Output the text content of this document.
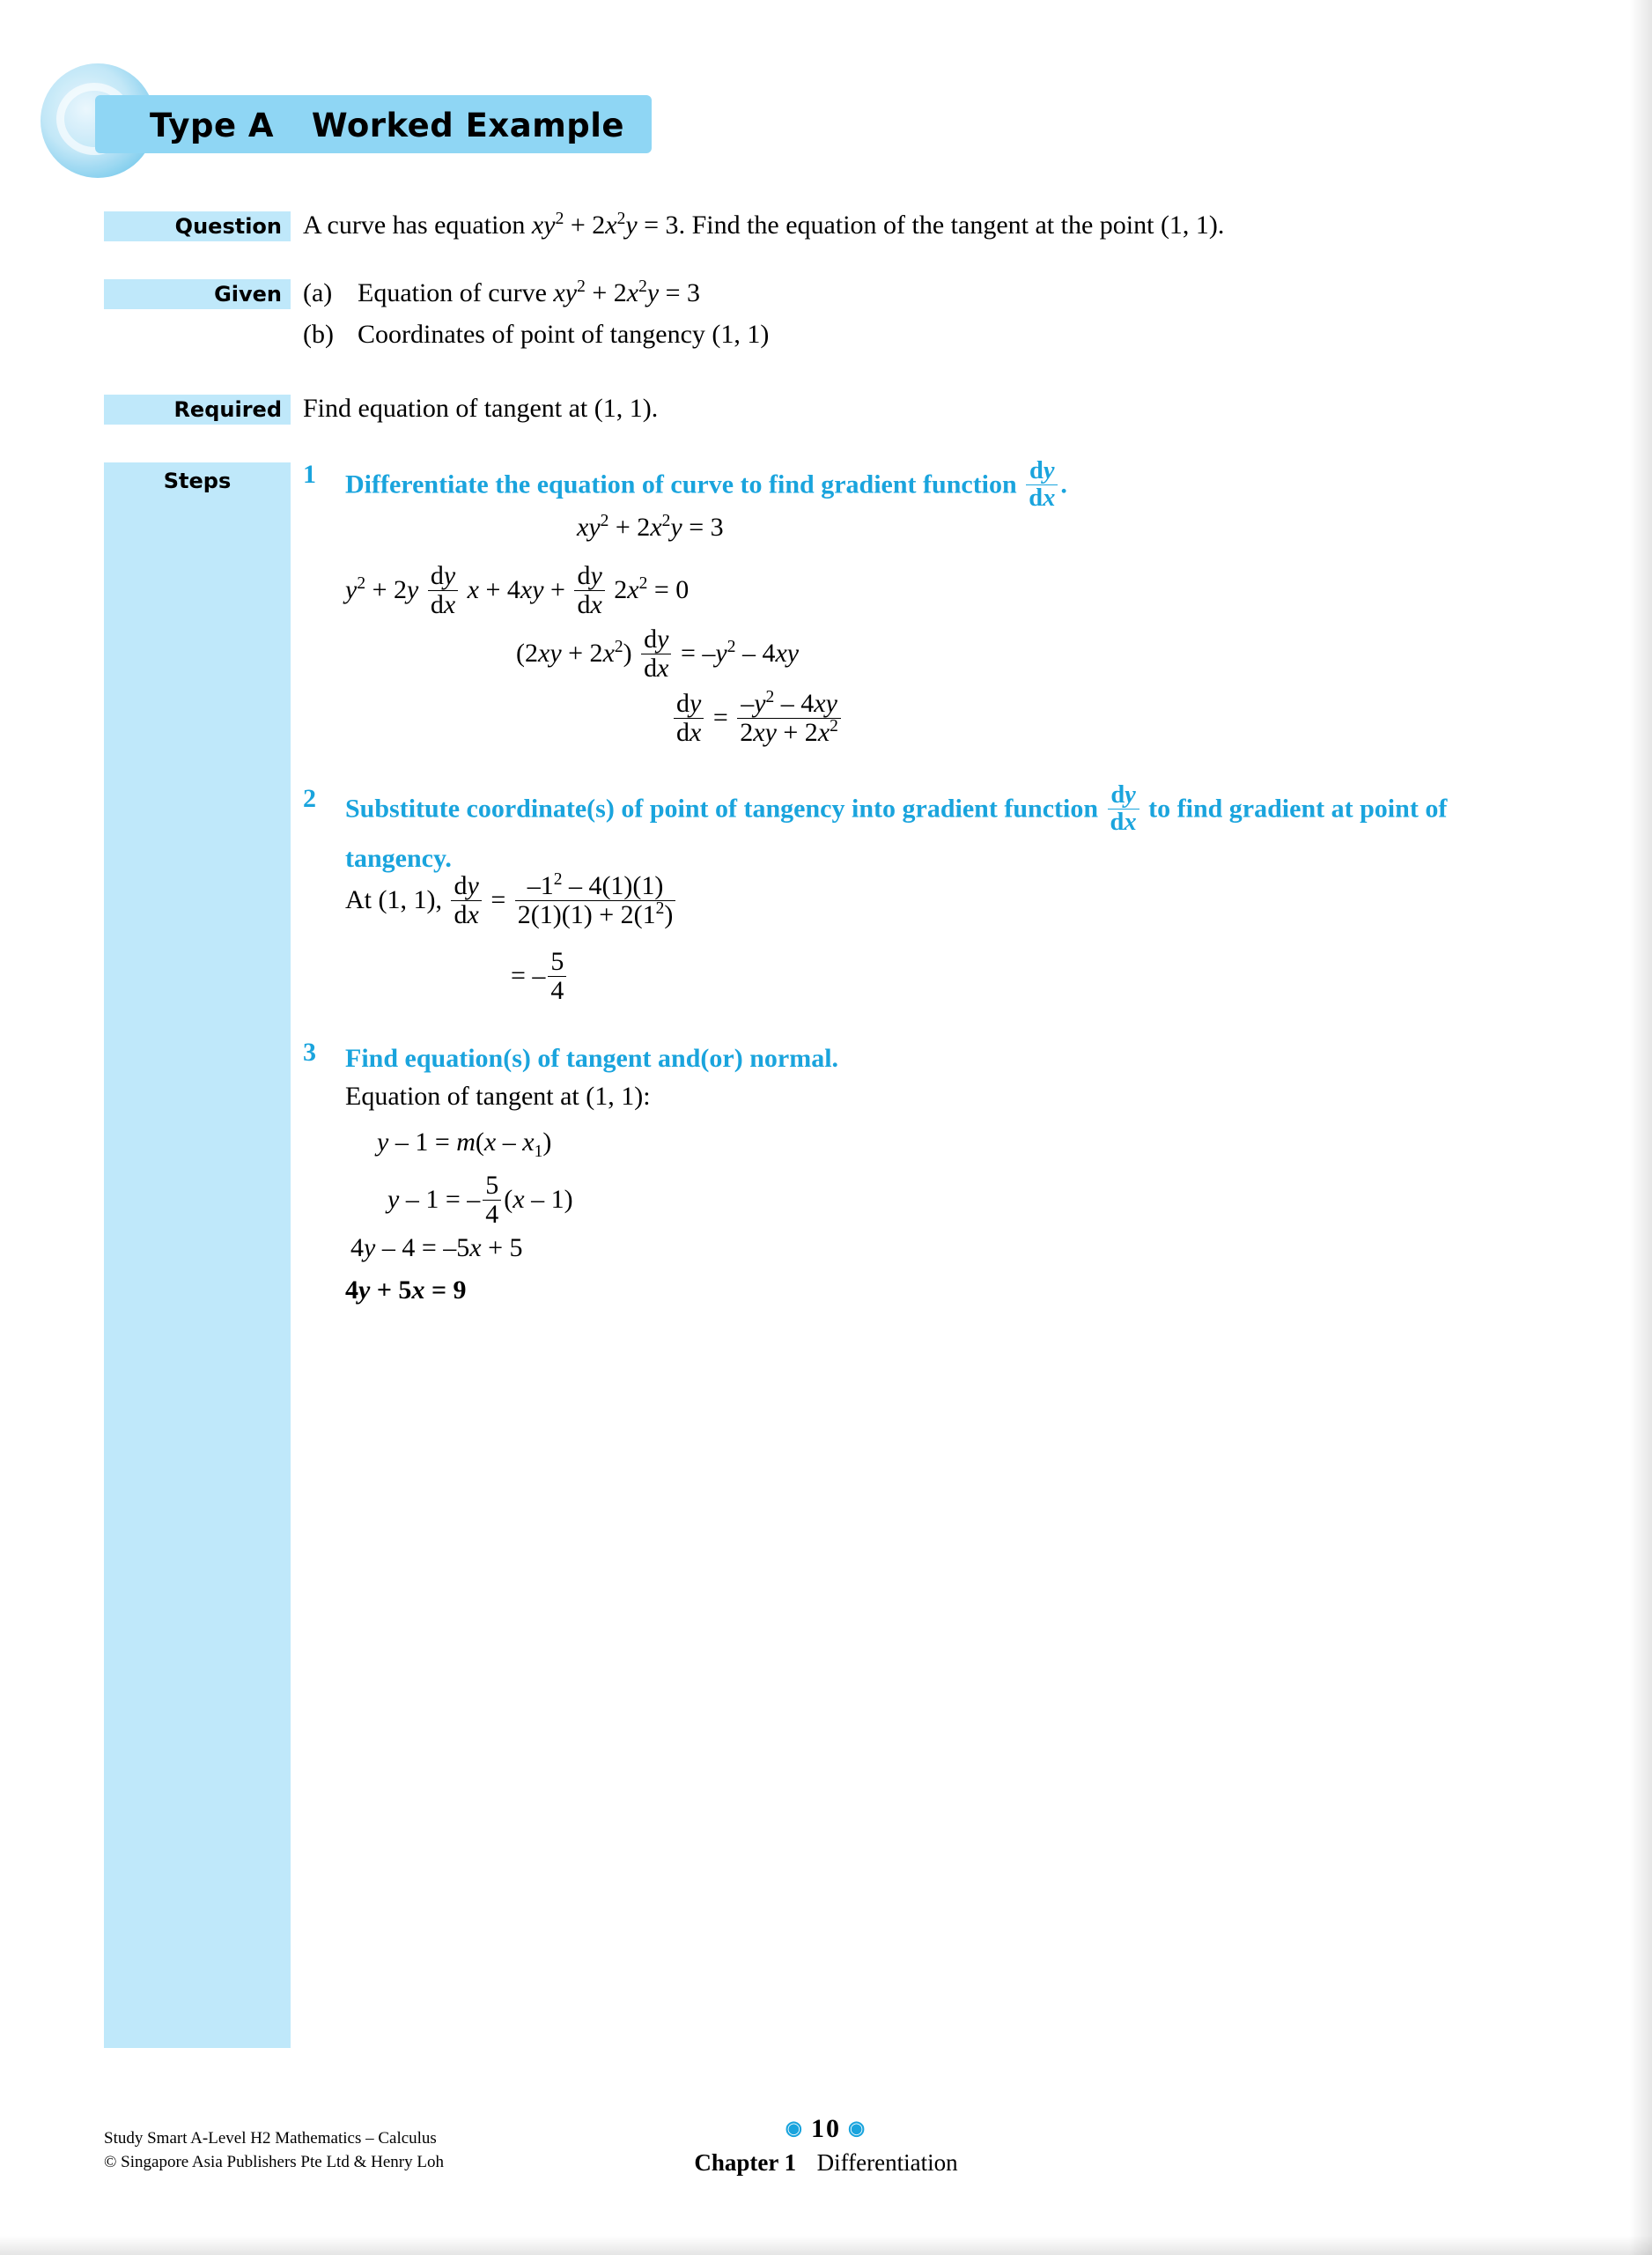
Type A Worked Example
Question
Given
Required
Steps
A curve has equation $xy^2 + 2x^2y = 3$. Find the equation of the tangent at the point (1, 1).
(a) Equation of curve $xy^2 + 2x^2y = 3$
(b) Coordinates of point of tangency (1, 1)
Find equation of tangent at (1, 1).
1 Differentiate the equation of curve to find gradient function $\frac{dy}{dx}$ .
$xy^2 + 2x^2y = 3$
$y^2 + 2y \frac{dy}{dx}$ $x + 4xy + \frac{dy}{dx} 2x^2 = 0$
$(2xy + 2x^2) \frac{dy}{dx} = -y^2 - 4xy$
$\frac{dy}{dx} = \frac{-y^2 - 4xy}{2xy + 2x^2}$
2 Substitute coordinate(s) of point of tangency into gradient function $\frac{dy}{dx}$ to find gradient at point of tangency.
At (1, 1), $\frac{dy}{dx} = \frac{-1^2 - 4(1)(1)}{2(1)(1) + 2(1^2)}$
= – $\frac{5}{4}$
3 Find equation(s) of tangent and(or) normal.
Equation of tangent at (1, 1):
$y - 1 = m(x - x_1)$
y – 1 = – $\frac{5}{4} (x - 1)$
4y – 4 = –5x + 5
4y + 5x = 9
Study Smart A-Level H2 Mathematics – Calculus
© Singapore Asia Publishers Pte Ltd & Henry Loh
◉ 10 ◉
Chapter 1 Differentiation
